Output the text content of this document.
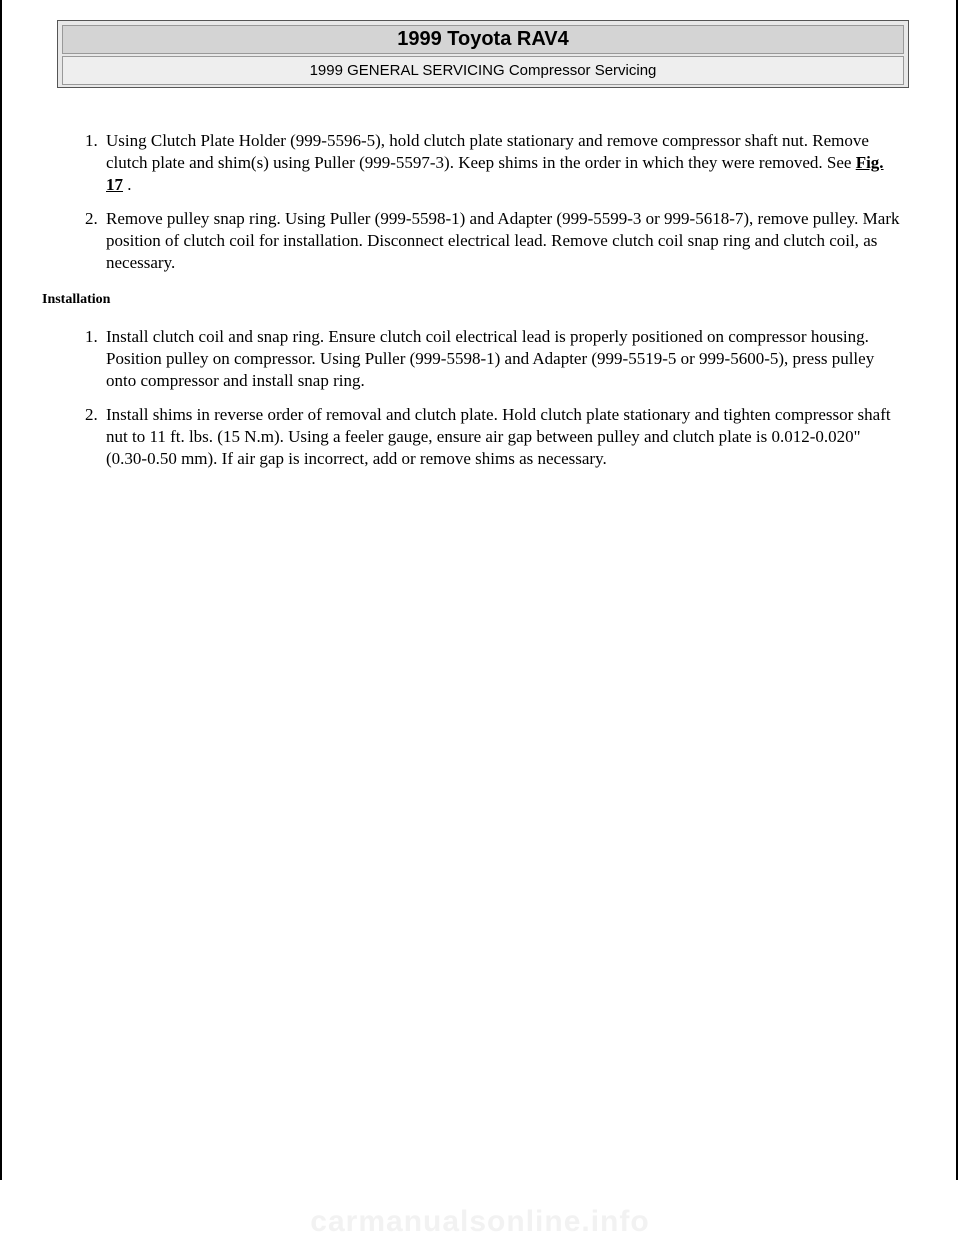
1999 Toyota RAV4
1999 GENERAL SERVICING Compressor Servicing
1. Using Clutch Plate Holder (999-5596-5), hold clutch plate stationary and remove compressor shaft nut. Remove clutch plate and shim(s) using Puller (999-5597-3). Keep shims in the order in which they were removed. See Fig. 17 .
2. Remove pulley snap ring. Using Puller (999-5598-1) and Adapter (999-5599-3 or 999-5618-7), remove pulley. Mark position of clutch coil for installation. Disconnect electrical lead. Remove clutch coil snap ring and clutch coil, as necessary.
Installation
1. Install clutch coil and snap ring. Ensure clutch coil electrical lead is properly positioned on compressor housing. Position pulley on compressor. Using Puller (999-5598-1) and Adapter (999-5519-5 or 999-5600-5), press pulley onto compressor and install snap ring.
2. Install shims in reverse order of removal and clutch plate. Hold clutch plate stationary and tighten compressor shaft nut to 11 ft. lbs. (15 N.m). Using a feeler gauge, ensure air gap between pulley and clutch plate is 0.012-0.020" (0.30-0.50 mm). If air gap is incorrect, add or remove shims as necessary.
carmanualsonline.info
